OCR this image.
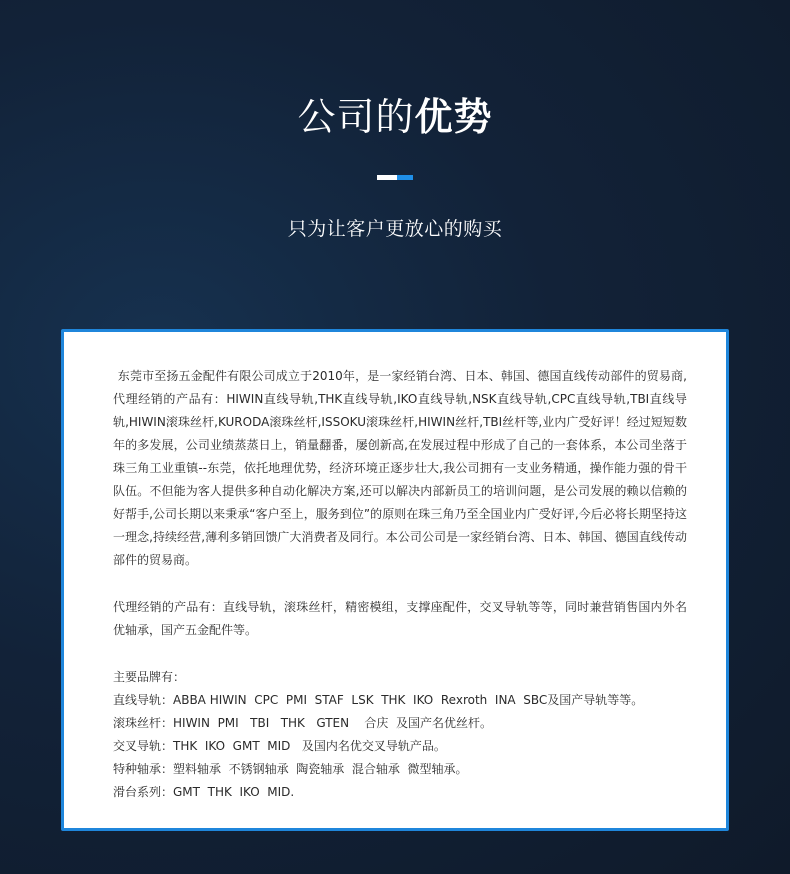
公司的优势
只为让客户更放心的购买

东莞市至扬五金配件有限公司成立于2010年，是一家经销台湾、日本、韩国、德国直线传动部件的贸易商,代理经销的产品有：HIWIN直线导轨,THK直线导轨,IKO直线导轨,NSK直线导轨,CPC直线导轨,TBI直线导轨,HIWIN滚珠丝杆,KURODA滚珠丝杆,ISSOKU滚珠丝杆,HIWIN丝杆,TBI丝杆等,业内广受好评！经过短短数年的多发展，公司业绩蒸蒸日上，销量翻番，屡创新高,在发展过程中形成了自己的一套体系，本公司坐落于珠三角工业重镇--东莞，依托地理优势，经济环境正逐步壮大,我公司拥有一支业务精通，操作能力强的骨干队伍。不但能为客人提供多种自动化解决方案,还可以解决内部新员工的培训问题，是公司发展的赖以信赖的好帮手,公司长期以来秉承“客户至上，服务到位”的原则在珠三角乃至全国业内广受好评,今后必将长期坚持这一理念,持续经营,薄利多销回馈广大消费者及同行。本公司公司是一家经销台湾、日本、韩国、德国直线传动部件的贸易商。

代理经销的产品有：直线导轨，滚珠丝杆，精密模组，支撑座配件，交叉导轨等等，同时兼营销售国内外名优轴承，国产五金配件等。

主要品牌有：

直线导轨：ABBA HIWIN  CPC  PMI  STAF  LSK  THK  IKO  Rexroth  INA  SBC及国产导轨等等。

滚珠丝杆：HIWIN  PMI   TBI   THK   GTEN    合庆  及国产名优丝杆。

交叉导轨：THK  IKO  GMT  MID   及国内名优交叉导轨产品。

特种轴承：塑料轴承  不锈钢轴承  陶瓷轴承  混合轴承  微型轴承。

滑台系列：GMT  THK  IKO  MID.
